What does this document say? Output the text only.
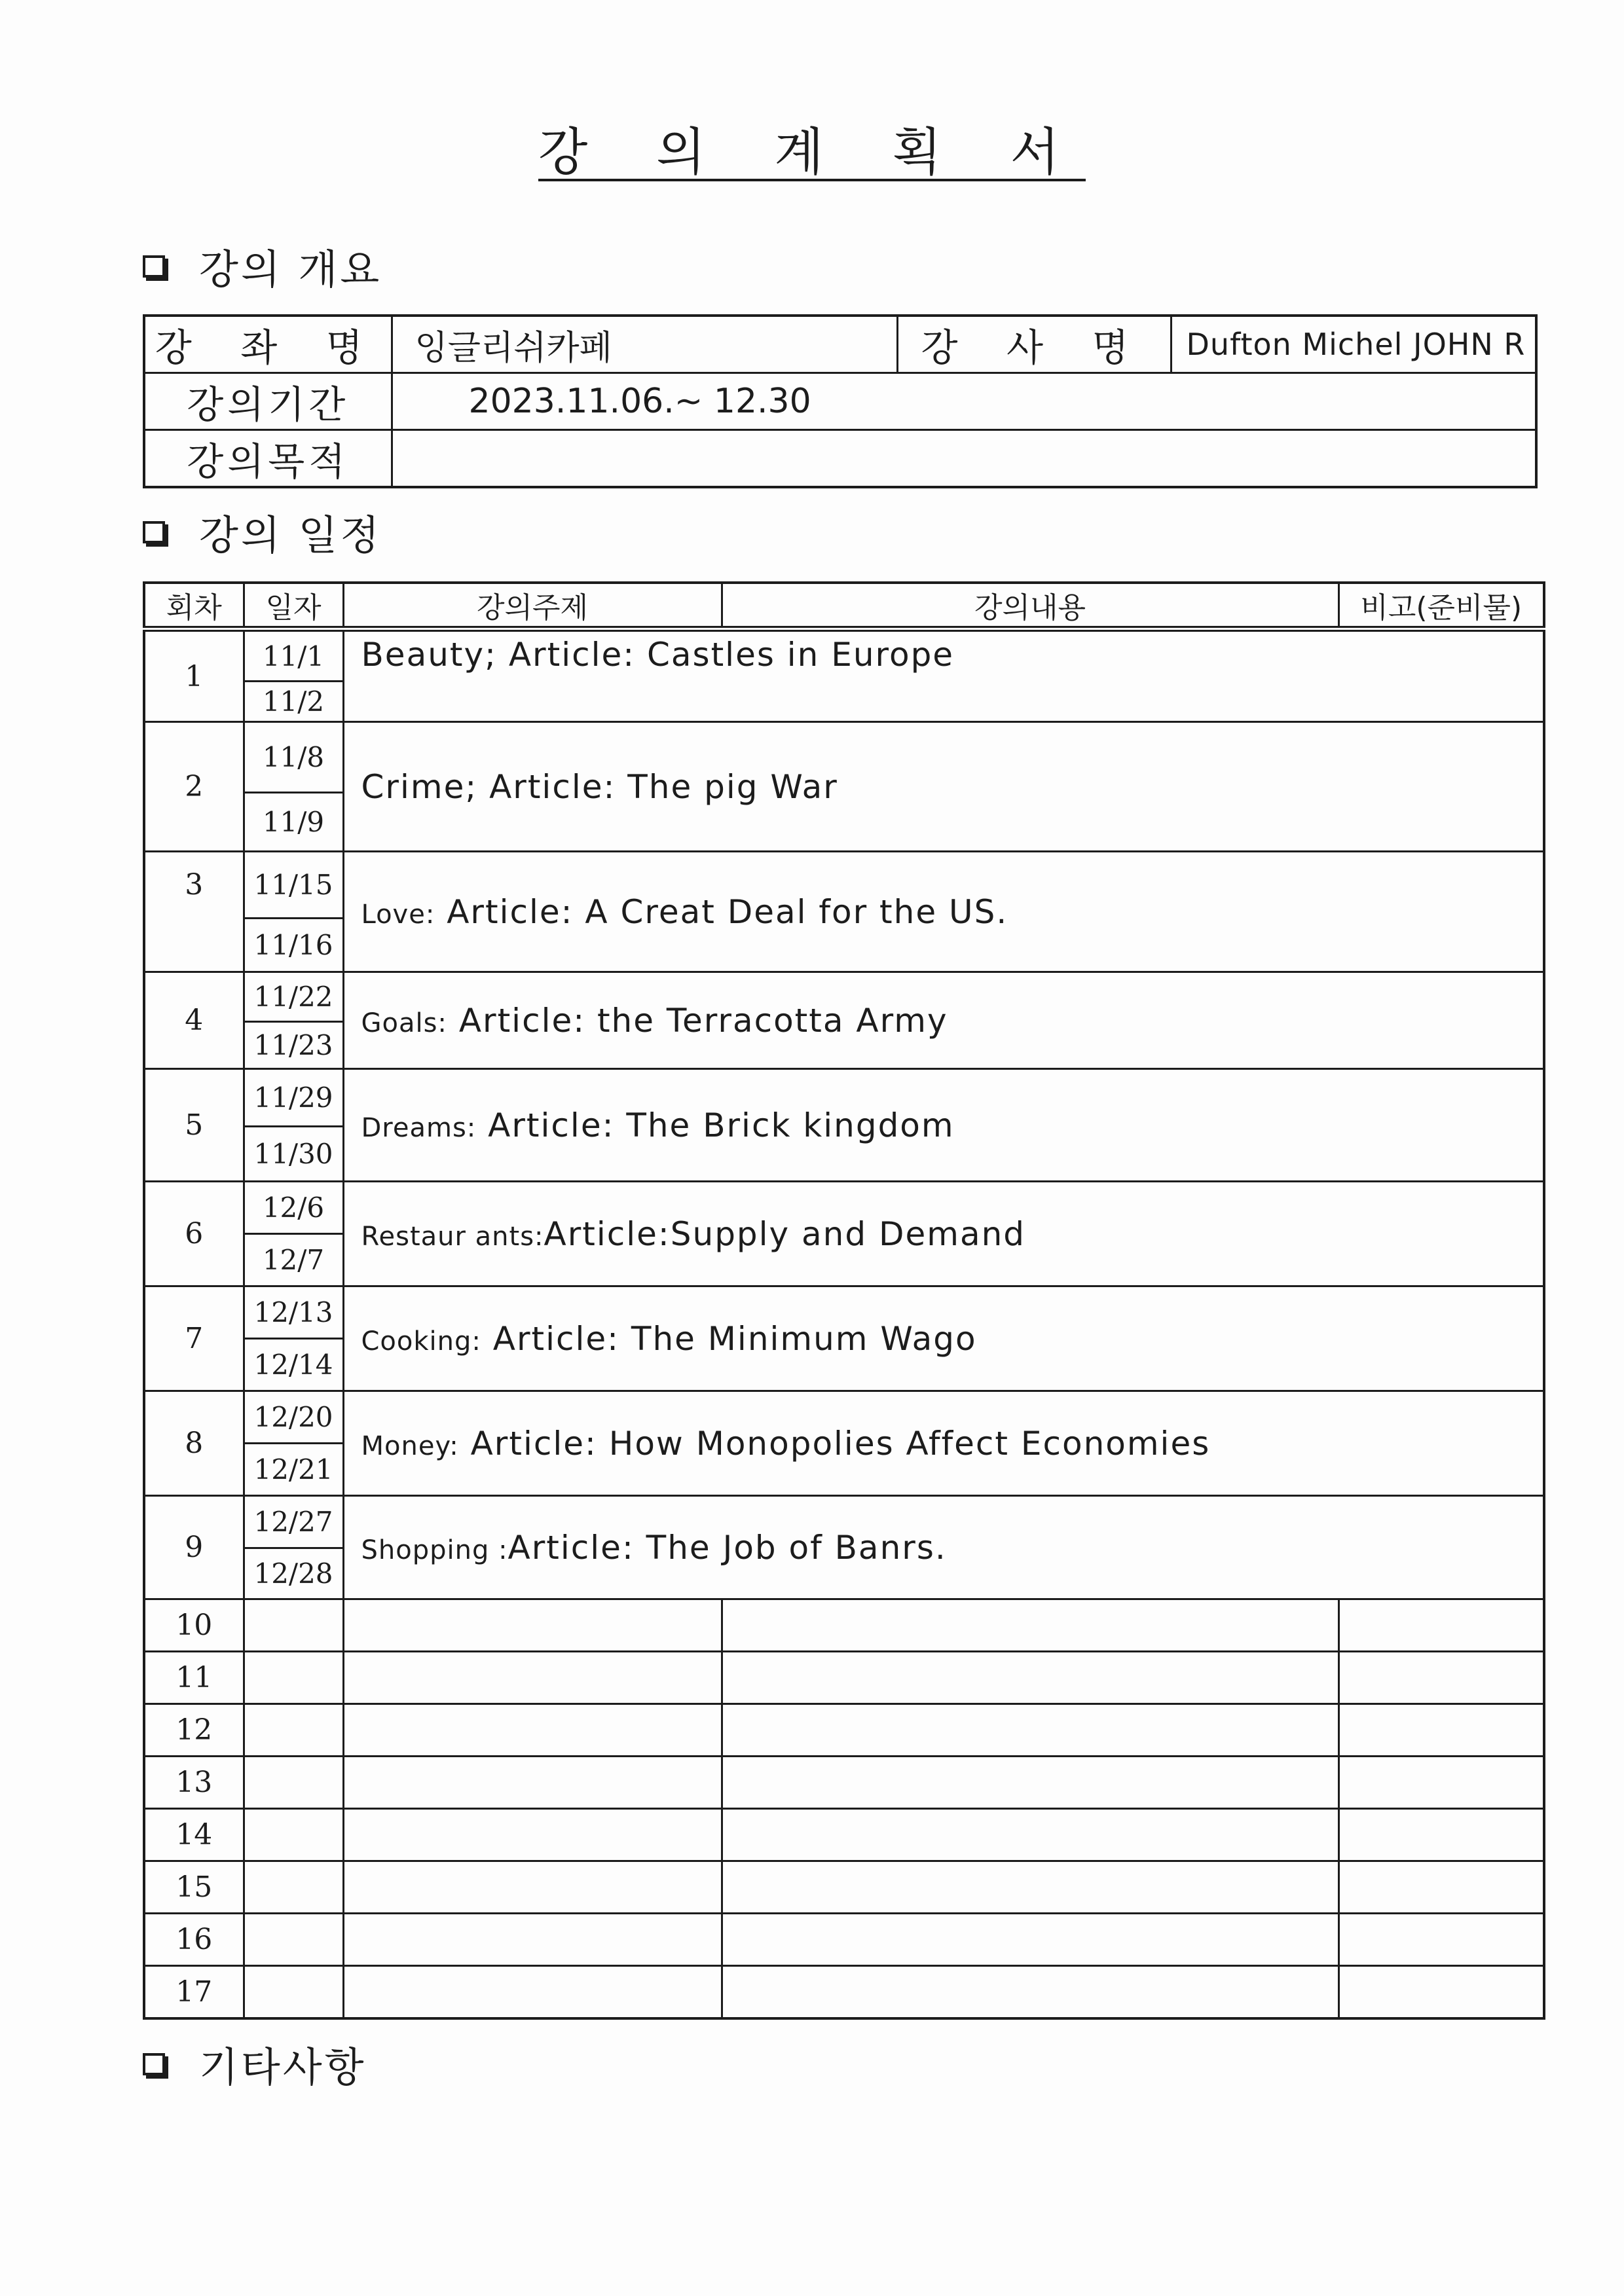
강 의 계 획 서
강의 개요
강 좌 명	잉글리쉬카페	강 사 명	Dufton Michel JOHN R
강의기간	2023.11.06.~ 12.30		
강의목적			
강의 일정
회차	일자	강의주제	강의내용	비고(준비물)
1	11/1	Beauty; Article: Castles in Europe		
	11/2			
2	11/8	Crime; Article: The pig War		
	11/9			
3	11/15	Love: Article: A Creat Deal for the US.		
	11/16			
4	11/22	Goals: Article: the Terracotta Army		
	11/23			
5	11/29	Dreams: Article: The Brick kingdom		
	11/30			
6	12/6	Restaur ants:Article:Supply and Demand		
	12/7			
7	12/13	Cooking: Article: The Minimum Wago		
	12/14			
8	12/20	Money: Article: How Monopolies Affect Economies		
	12/21			
9	12/27	Shopping :Article: The Job of Banrs.		
	12/28			
10				
11				
12				
13				
14				
15				
16				
17				
기타사항
